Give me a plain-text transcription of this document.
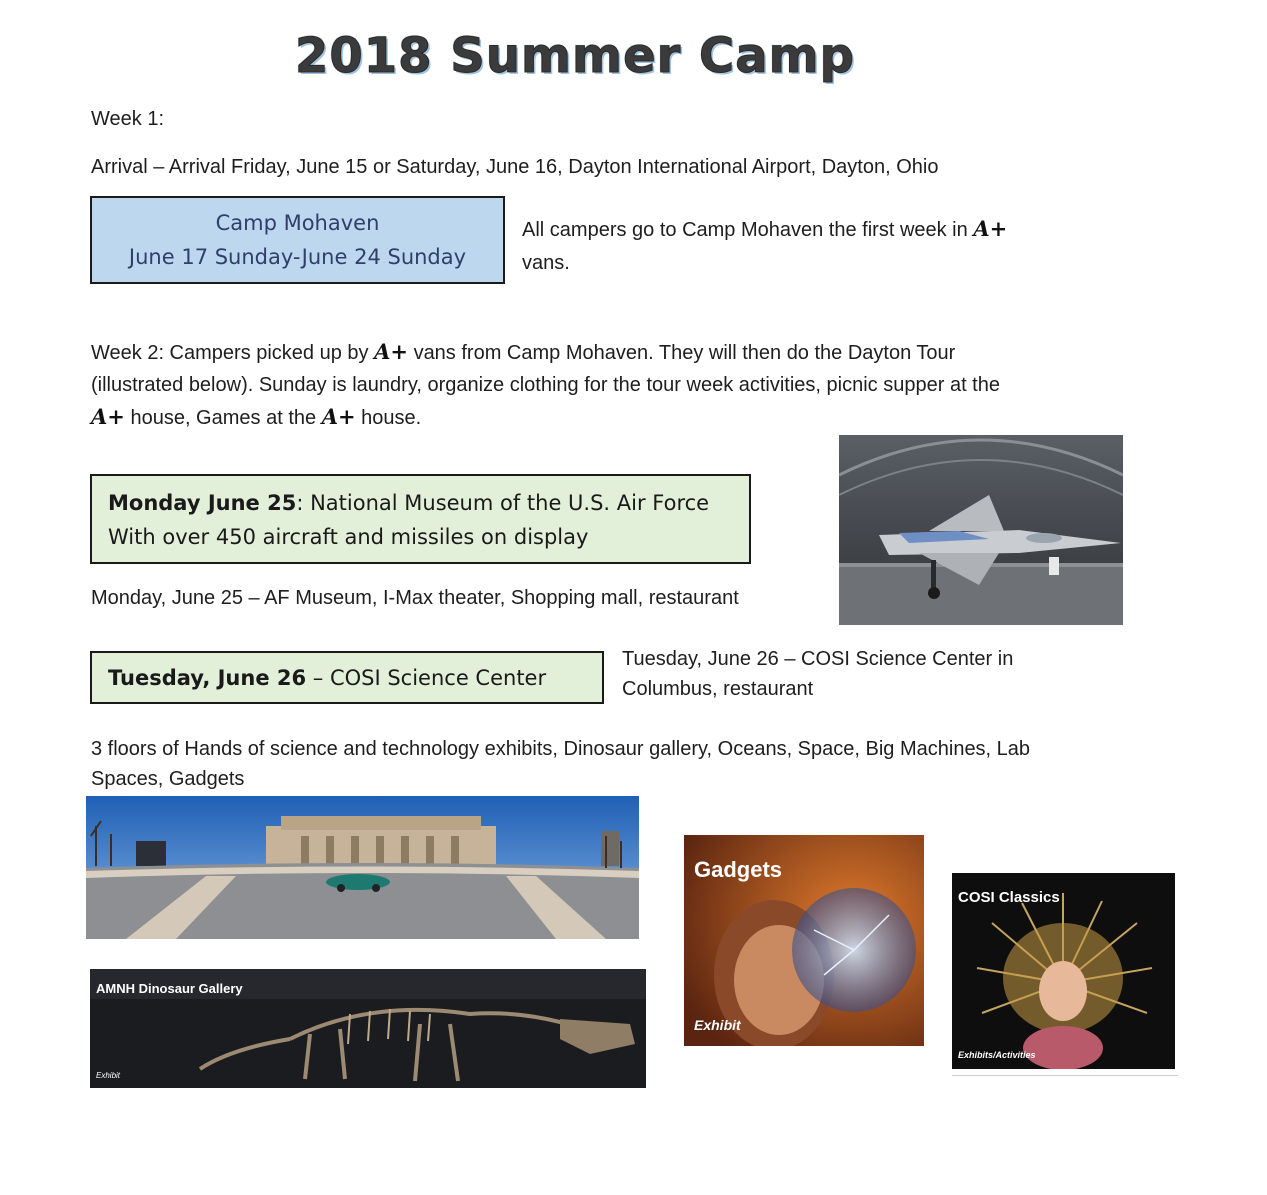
2018 Summer Camp
Week 1:
Arrival – Arrival Friday, June 15 or Saturday, June 16, Dayton International Airport, Dayton, Ohio
Camp Mohaven
June 17 Sunday-June 24 Sunday
All campers go to Camp Mohaven the first week in A+
vans.
Week 2: Campers picked up by A+ vans from Camp Mohaven. They will then do the Dayton Tour
(illustrated below). Sunday is laundry, organize clothing for the tour week activities, picnic supper at the
A+ house, Games at the A+ house.
Monday June 25: National Museum of the U.S. Air Force
With over 450 aircraft and missiles on display
Monday, June 25 – AF Museum, I-Max theater, Shopping mall, restaurant
Tuesday, June 26 – COSI Science Center
Tuesday, June 26 – COSI Science Center in
Columbus, restaurant
3 floors of Hands of science and technology exhibits, Dinosaur gallery, Oceans, Space, Big Machines, Lab
Spaces, Gadgets
AMNH Dinosaur Gallery
Exhibit
Gadgets
Exhibit
COSI Classics
Exhibits/Activities
